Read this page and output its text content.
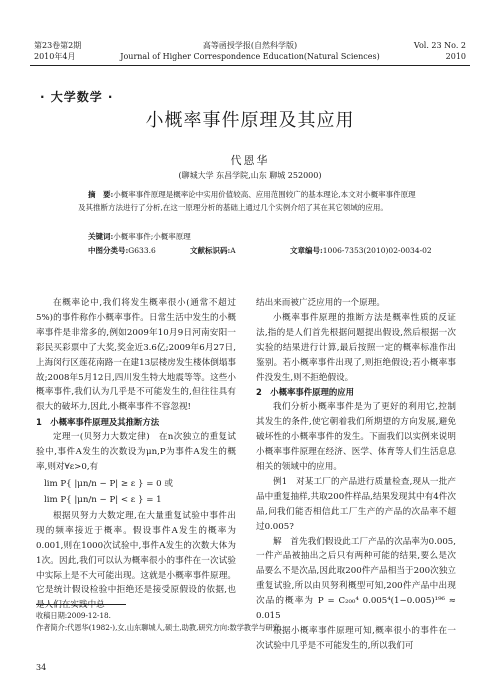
第23卷第2期
2010年4月
高等函授学报(自然科学版)
Journal of Higher Correspondence Education(Natural Sciences)
Vol. 23 No. 2
2010
· 大学数学 ·
小概率事件原理及其应用
代恩华
(聊城大学 东昌学院,山东 聊城 252000)
摘　要:小概率事件原理是概率论中实用价值较高、应用范围较广的基本理论,本文对小概率事件原理及其推断方法进行了分析,在这一原理分析的基础上通过几个实例介绍了其在其它领域的应用。
关键词:小概率事件;小概率原理
中图分类号:G633.6	文献标识码:A	文章编号:1006-7353(2010)02-0034-02

在概率论中,我们将发生概率很小(通常不超过5%)的事件称作小概率事件。日常生活中发生的小概率事件是非常多的,例如2009年10月9日河南安阳一彩民买彩票中了大奖,奖金近3.6亿;2009年6月27日,上海闵行区莲花南路一在建13层楼房发生楼体倒塌事故;2008年5月12日,四川发生特大地震等等。这些小概率事件,我们认为几乎是不可能发生的,但往往具有很大的破坏力,因此,小概率事件不容忽视!

1　小概率事件原理及其推断方法

定理一(贝努力大数定律)　在n次独立的重复试验中,事件A发生的次数设为μn,P为事件A发生的概率,则对∀ε>0,有

lim P{ |μn/n − P| ≥ ε } = 0 或
lim P{ |μn/n − P| < ε } = 1

根据贝努力大数定理,在大量重复试验中事件出现的频率接近于概率。假设事件A发生的概率为0.001,则在1000次试验中,事件A发生的次数大体为1次。因此,我们可以认为概率很小的事件在一次试验中实际上是不大可能出现。这就是小概率事件原理。它是统计假设检验中拒绝还是接受原假设的依据,也是人们在实践中总

结出来而被广泛应用的一个原理。

小概率事件原理的推断方法是概率性质的反证法,指的是人们首先根据问题提出假设,然后根据一次实验的结果进行计算,最后按照一定的概率标准作出鉴别。若小概率事件出现了,则拒绝假设;若小概率事件没发生,则不拒绝假设。

2　小概率事件原理的应用

我们分析小概率事件是为了更好的利用它,控制其发生的条件,使它朝着我们所期望的方向发展,避免破坏性的小概率事件的发生。下面我们以实例来说明小概率事件原理在经济、医学、体育等人们生活息息相关的领域中的应用。

例1　对某工厂的产品进行质量检查,现从一批产品中重复抽样,共取200件样品,结果发现其中有4件次品,问我们能否相信此工厂生产的产品的次品率不超过0.005?

解　首先我们假设此工厂产品的次品率为0.005,一件产品被抽出之后只有两种可能的结果,要么是次品要么不是次品,因此取200件产品相当于200次独立重复试验,所以由贝努利概型可知,200件产品中出现次品的概率为 P = C₂₀₀⁴ 0.005⁴(1−0.005)¹⁹⁶ ≈ 0.015

根据小概率事件原理可知,概率很小的事件在一次试验中几乎是不可能发生的,所以我们可

收稿日期:2009-12-18.
作者简介:代恩华(1982-),女,山东聊城人,硕士,助教,研究方向:数学教学与研究.
34
